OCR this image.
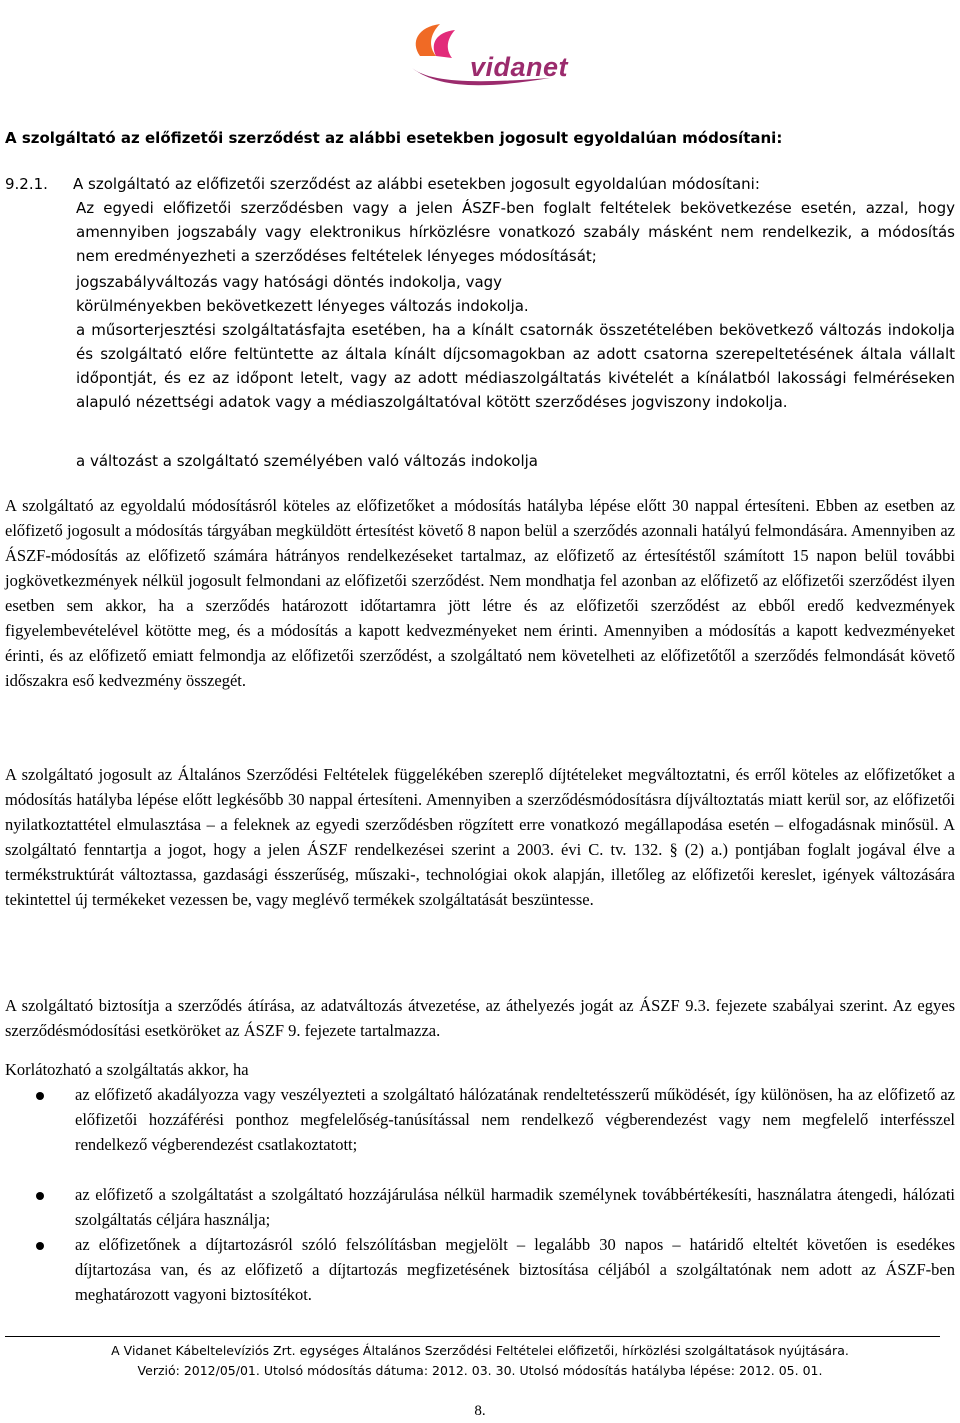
vidanet
A szolgáltató az előfizetői szerződést az alábbi esetekben jogosult egyoldalúan módosítani:
9.2.1. A szolgáltató az előfizetői szerződést az alábbi esetekben jogosult egyoldalúan módosítani:

Az egyedi előfizetői szerződésben vagy a jelen ÁSZF-ben foglalt feltételek bekövetkezése esetén, azzal, hogy amennyiben jogszabály vagy elektronikus hírközlésre vonatkozó szabály másként nem rendelkezik, a módosítás nem eredményezheti a szerződéses feltételek lényeges módosítását;

jogszabályváltozás vagy hatósági döntés indokolja, vagy

körülményekben bekövetkezett lényeges változás indokolja.

a műsorterjesztési szolgáltatásfajta esetében, ha a kínált csatornák összetételében bekövetkező változás indokolja és szolgáltató előre feltüntette az általa kínált díjcsomagokban az adott csatorna szerepeltetésének általa vállalt időpontját, és ez az időpont letelt, vagy az adott médiaszolgáltatás kivételét a kínálatból lakossági felméréseken alapuló nézettségi adatok vagy a médiaszolgáltatóval kötött szerződéses jogviszony indokolja.

a változást a szolgáltató személyében való változás indokolja

A szolgáltató az egyoldalú módosításról köteles az előfizetőket a módosítás hatályba lépése előtt 30 nappal értesíteni. Ebben az esetben az előfizető jogosult a módosítás tárgyában megküldött értesítést követő 8 napon belül a szerződés azonnali hatályú felmondására. Amennyiben az ÁSZF-módosítás az előfizető számára hátrányos rendelkezéseket tartalmaz, az előfizető az értesítéstől számított 15 napon belül további jogkövetkezmények nélkül jogosult felmondani az előfizetői szerződést. Nem mondhatja fel azonban az előfizető az előfizetői szerződést ilyen esetben sem akkor, ha a szerződés határozott időtartamra jött létre és az előfizetői szerződést az ebből eredő kedvezmények figyelembevételével kötötte meg, és a módosítás a kapott kedvezményeket nem érinti. Amennyiben a módosítás a kapott kedvezményeket érinti, és az előfizető emiatt felmondja az előfizetői szerződést, a szolgáltató nem követelheti az előfizetőtől a szerződés felmondását követő időszakra eső kedvezmény összegét.

A szolgáltató jogosult az Általános Szerződési Feltételek függelékében szereplő díjtételeket megváltoztatni, és erről köteles az előfizetőket a módosítás hatályba lépése előtt legkésőbb 30 nappal értesíteni. Amennyiben a szerződésmódosításra díjváltoztatás miatt kerül sor, az előfizetői nyilatkoztattétel elmulasztása – a feleknek az egyedi szerződésben rögzített erre vonatkozó megállapodása esetén – elfogadásnak minősül. A szolgáltató fenntartja a jogot, hogy a jelen ÁSZF rendelkezései szerint a 2003. évi C. tv. 132. § (2) a.) pontjában foglalt jogával élve a termékstruktúrát változtassa, gazdasági ésszerűség, műszaki-, technológiai okok alapján, illetőleg az előfizetői kereslet, igények változására tekintettel új termékeket vezessen be, vagy meglévő termékek szolgáltatását beszüntesse.

A szolgáltató biztosítja a szerződés átírása, az adatváltozás átvezetése, az áthelyezés jogát az ÁSZF 9.3. fejezete szabályai szerint. Az egyes szerződésmódosítási esetköröket az ÁSZF 9. fejezete tartalmazza.

Korlátozható a szolgáltatás akkor, ha

az előfizető akadályozza vagy veszélyezteti a szolgáltató hálózatának rendeltetésszerű működését, így különösen, ha az előfizető az előfizetői hozzáférési ponthoz megfelelőség-tanúsítással nem rendelkező végberendezést vagy nem megfelelő interfésszel rendelkező végberendezést csatlakoztatott;

az előfizető a szolgáltatást a szolgáltató hozzájárulása nélkül harmadik személynek továbbértékesíti, használatra átengedi, hálózati szolgáltatás céljára használja;

az előfizetőnek a díjtartozásról szóló felszólításban megjelölt – legalább 30 napos – határidő elteltét követően is esedékes díjtartozása van, és az előfizető a díjtartozás megfizetésének biztosítása céljából a szolgáltatónak nem adott az ÁSZF-ben meghatározott vagyoni biztosítékot.

A Vidanet Kábeltelevíziós Zrt. egységes Általános Szerződési Feltételei előfizetői, hírközlési szolgáltatások nyújtására.
Verzió: 2012/05/01. Utolsó módosítás dátuma: 2012. 03. 30. Utolsó módosítás hatályba lépése: 2012. 05. 01.
8.
